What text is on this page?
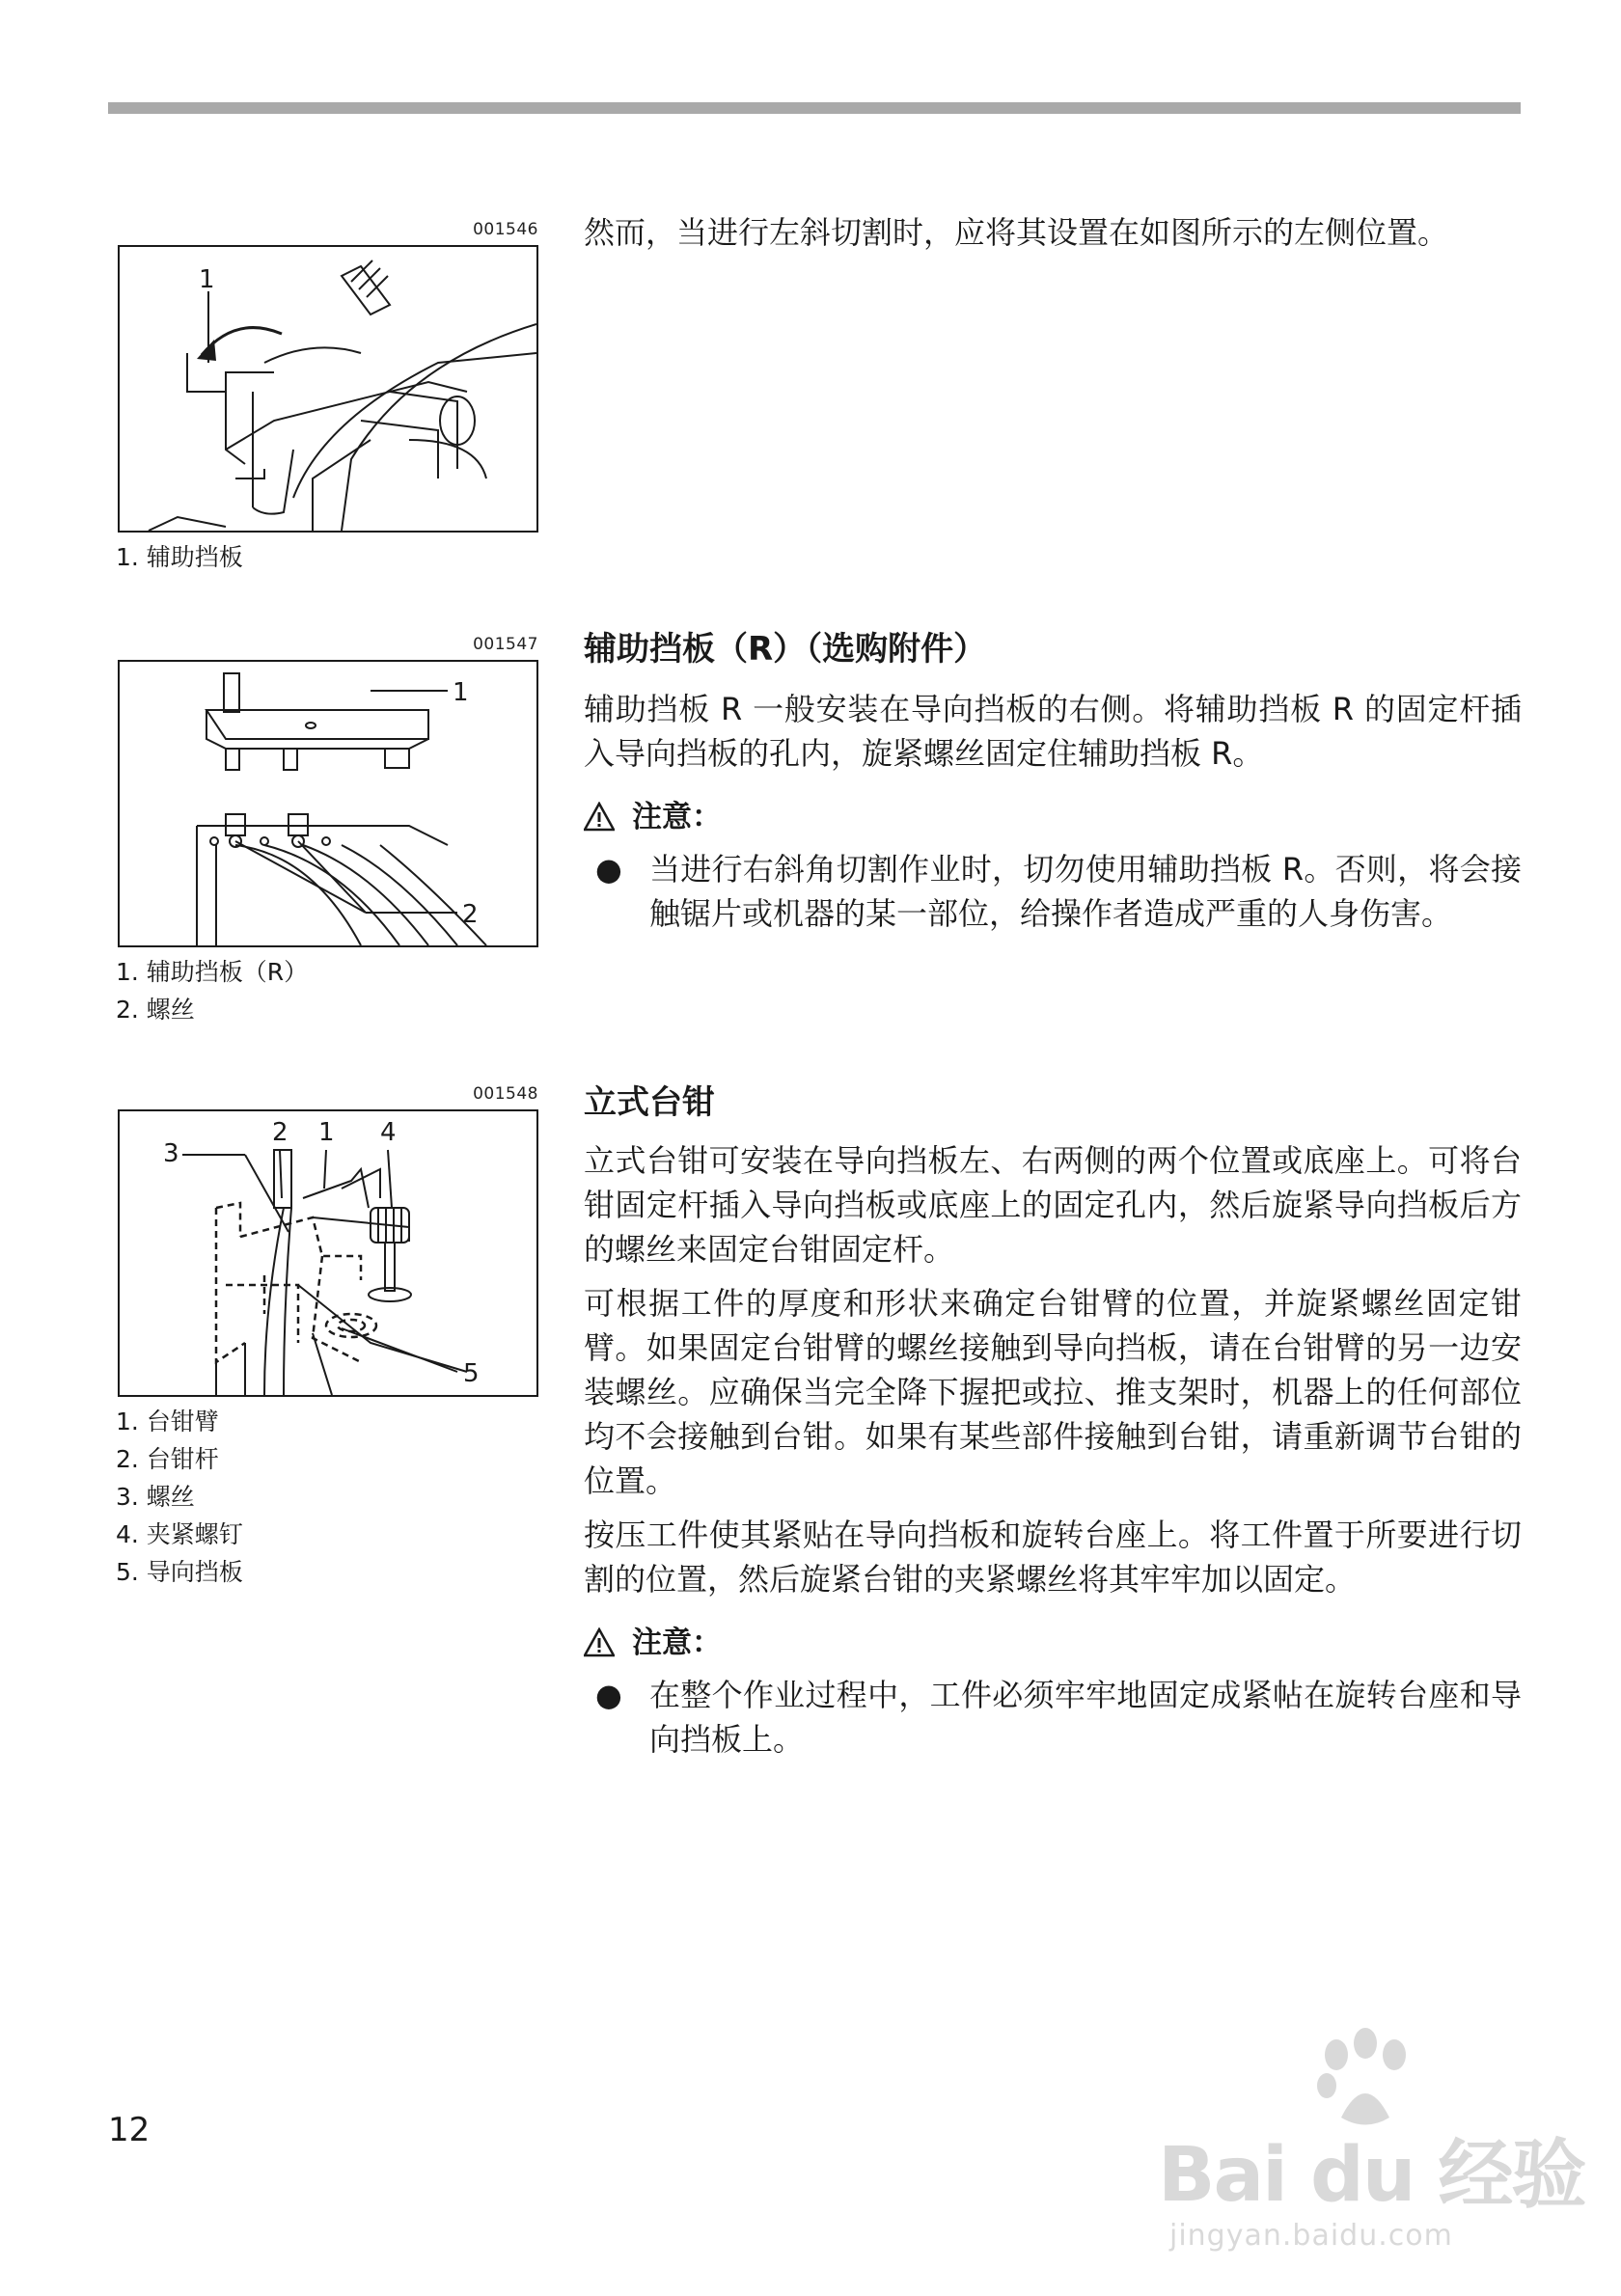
001546
1
1. 辅助挡板

然而，当进行左斜切割时，应将其设置在如图所示的左侧位置。

001547
1
2
1. 辅助挡板（R）
2. 螺丝

辅助挡板（R）（选购附件）

辅助挡板 R 一般安装在导向挡板的右侧。将辅助挡板 R 的固定杆插入导向挡板的孔内，旋紧螺丝固定住辅助挡板 R。

注意：
● 当进行右斜角切割作业时，切勿使用辅助挡板 R。否则，将会接触锯片或机器的某一部位，给操作者造成严重的人身伤害。
001548
3
2 1 4
5
1. 台钳臂
2. 台钳杆
3. 螺丝
4. 夹紧螺钉
5. 导向挡板

立式台钳

立式台钳可安装在导向挡板左、右两侧的两个位置或底座上。可将台钳固定杆插入导向挡板或底座上的固定孔内，然后旋紧导向挡板后方的螺丝来固定台钳固定杆。

可根据工件的厚度和形状来确定台钳臂的位置，并旋紧螺丝固定钳臂。如果固定台钳臂的螺丝接触到导向挡板，请在台钳臂的另一边安装螺丝。应确保当完全降下握把或拉、推支架时，机器上的任何部位均不会接触到台钳。如果有某些部件接触到台钳，请重新调节台钳的位置。

按压工件使其紧贴在导向挡板和旋转台座上。将工件置于所要进行切割的位置，然后旋紧台钳的夹紧螺丝将其牢牢加以固定。

注意：
● 在整个作业过程中，工件必须牢牢地固定成紧帖在旋转台座和导向挡板上。
12
Bai du 经验
jingyan.baidu.com
